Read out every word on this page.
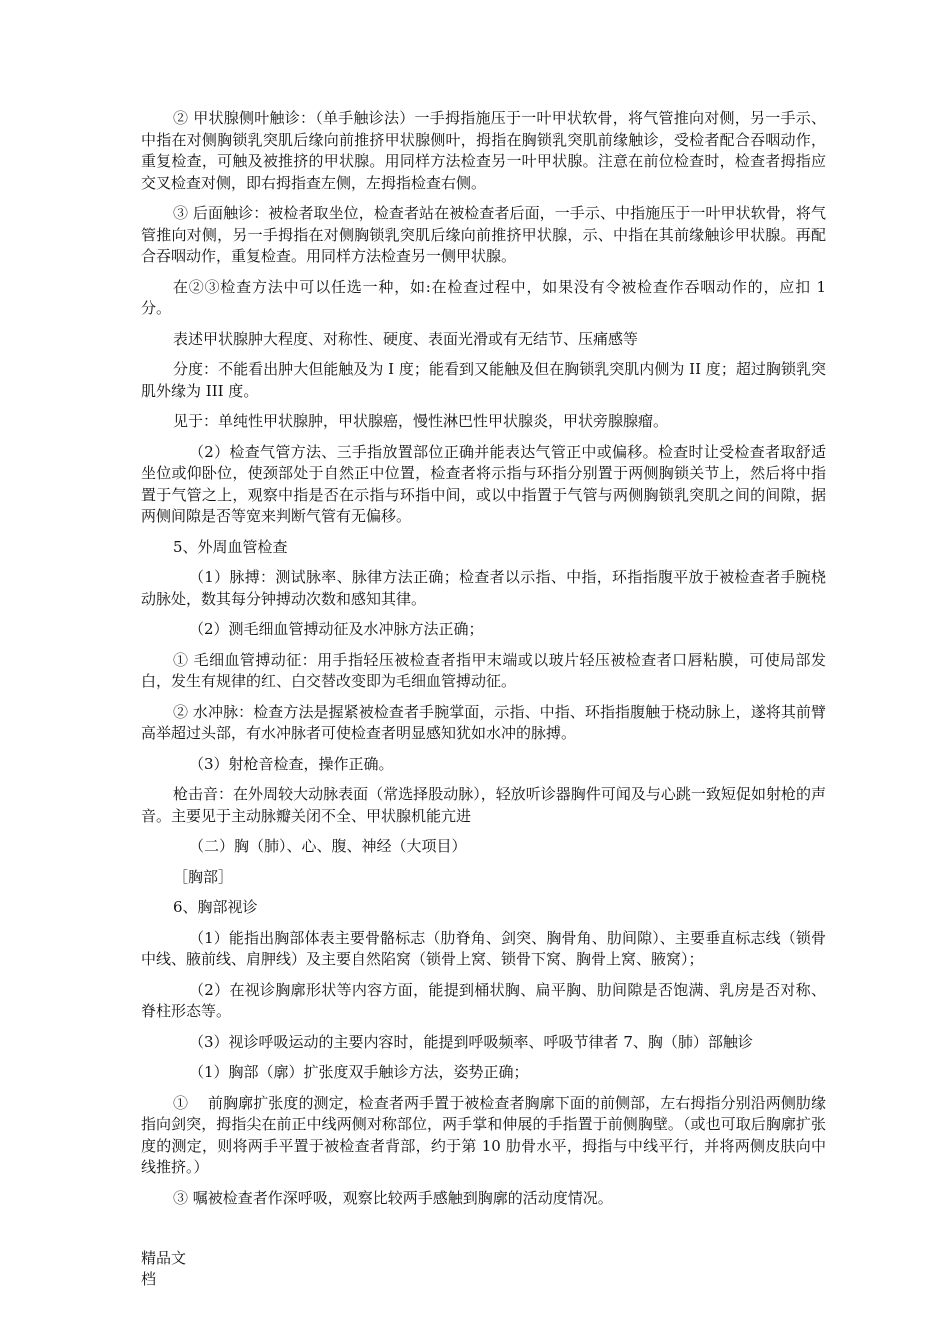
② 甲状腺侧叶触诊：（单手触诊法）一手拇指施压于一叶甲状软骨，将气管推向对侧，另一手示、中指在对侧胸锁乳突肌后缘向前推挤甲状腺侧叶，拇指在胸锁乳突肌前缘触诊，受检者配合吞咽动作，重复检查，可触及被推挤的甲状腺。用同样方法检查另一叶甲状腺。注意在前位检查时，检查者拇指应交叉检查对侧，即右拇指查左侧，左拇指检查右侧。

③ 后面触诊：被检者取坐位，检查者站在被检查者后面，一手示、中指施压于一叶甲状软骨，将气管推向对侧，另一手拇指在对侧胸锁乳突肌后缘向前推挤甲状腺，示、中指在其前缘触诊甲状腺。再配合吞咽动作，重复检查。用同样方法检查另一侧甲状腺。

在②③检查方法中可以任选一种，如:在检查过程中，如果没有令被检查作吞咽动作的，应扣 1 分。

表述甲状腺肿大程度、对称性、硬度、表面光滑或有无结节、压痛感等

分度：不能看出肿大但能触及为 I 度；能看到又能触及但在胸锁乳突肌内侧为 II 度；超过胸锁乳突肌外缘为 III 度。

见于：单纯性甲状腺肿，甲状腺癌，慢性淋巴性甲状腺炎，甲状旁腺腺瘤。

（2）检查气管方法、三手指放置部位正确并能表达气管正中或偏移。检查时让受检查者取舒适坐位或仰卧位，使颈部处于自然正中位置，检查者将示指与环指分别置于两侧胸锁关节上，然后将中指置于气管之上，观察中指是否在示指与环指中间，或以中指置于气管与两侧胸锁乳突肌之间的间隙，据两侧间隙是否等宽来判断气管有无偏移。

5、外周血管检查

（1）脉搏：测试脉率、脉律方法正确；检查者以示指、中指，环指指腹平放于被检查者手腕桡动脉处，数其每分钟搏动次数和感知其律。

（2）测毛细血管搏动征及水冲脉方法正确；

① 毛细血管搏动征：用手指轻压被检查者指甲末端或以玻片轻压被检查者口唇粘膜，可使局部发白，发生有规律的红、白交替改变即为毛细血管搏动征。

② 水冲脉：检查方法是握紧被检查者手腕掌面，示指、中指、环指指腹触于桡动脉上，遂将其前臂高举超过头部，有水冲脉者可使检查者明显感知犹如水冲的脉搏。

（3）射枪音检查，操作正确。

枪击音：在外周较大动脉表面（常选择股动脉），轻放听诊器胸件可闻及与心跳一致短促如射枪的声音。主要见于主动脉瓣关闭不全、甲状腺机能亢进

（二）胸（肺）、心、腹、神经（大项目）

［胸部］

6、胸部视诊

（1）能指出胸部体表主要骨骼标志（肋脊角、剑突、胸骨角、肋间隙）、主要垂直标志线（锁骨中线、腋前线、肩胛线）及主要自然陷窝（锁骨上窝、锁骨下窝、胸骨上窝、腋窝）；

（2）在视诊胸廓形状等内容方面，能提到桶状胸、扁平胸、肋间隙是否饱满、乳房是否对称、脊柱形态等。

（3）视诊呼吸运动的主要内容时，能提到呼吸频率、呼吸节律者 7、胸（肺）部触诊

（1）胸部（廓）扩张度双手触诊方法，姿势正确；

①　 前胸廓扩张度的测定，检查者两手置于被检查者胸廓下面的前侧部，左右拇指分别沿两侧肋缘指向剑突，拇指尖在前正中线两侧对称部位，两手掌和伸展的手指置于前侧胸壁。（或也可取后胸廓扩张度的测定，则将两手平置于被检查者背部，约于第 10 肋骨水平，拇指与中线平行，并将两侧皮肤向中线推挤。）

③ 嘱被检查者作深呼吸，观察比较两手感触到胸廓的活动度情况。

精品文
档
